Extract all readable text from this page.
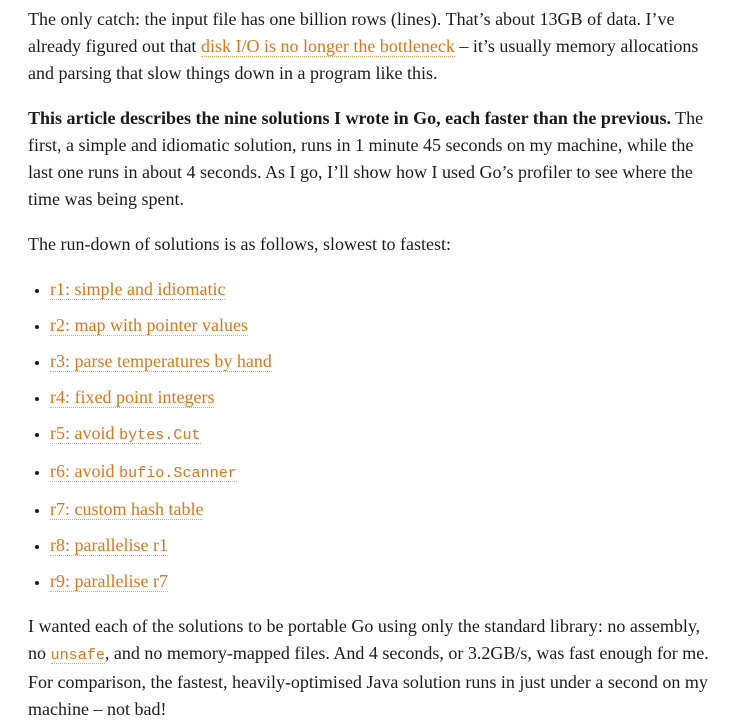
The only catch: the input file has one billion rows (lines). That’s about 13GB of data. I’ve already figured out that disk I/O is no longer the bottleneck – it’s usually memory allocations and parsing that slow things down in a program like this.

This article describes the nine solutions I wrote in Go, each faster than the previous. The first, a simple and idiomatic solution, runs in 1 minute 45 seconds on my machine, while the last one runs in about 4 seconds. As I go, I’ll show how I used Go’s profiler to see where the time was being spent.

The run-down of solutions is as follows, slowest to fastest:

• r1: simple and idiomatic
• r2: map with pointer values
• r3: parse temperatures by hand
• r4: fixed point integers
• r5: avoid bytes.Cut
• r6: avoid bufio.Scanner
• r7: custom hash table
• r8: parallelise r1
• r9: parallelise r7

I wanted each of the solutions to be portable Go using only the standard library: no assembly, no unsafe, and no memory-mapped files. And 4 seconds, or 3.2GB/s, was fast enough for me. For comparison, the fastest, heavily-optimised Java solution runs in just under a second on my machine – not bad!
